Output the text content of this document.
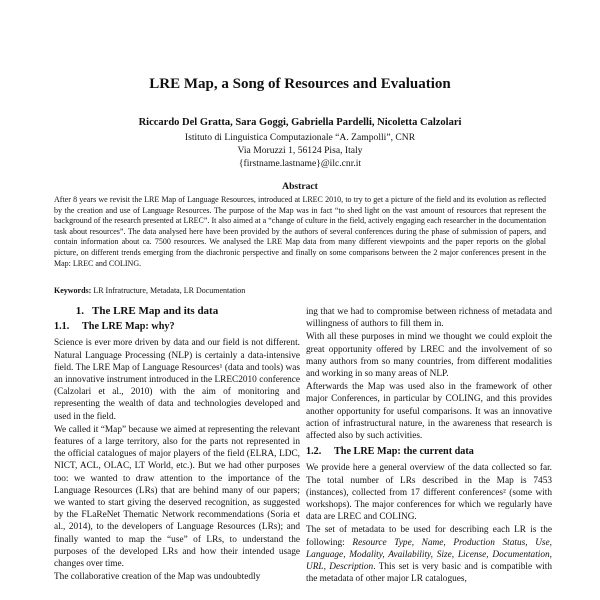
LRE Map, a Song of Resources and Evaluation
Riccardo Del Gratta, Sara Goggi, Gabriella Pardelli, Nicoletta Calzolari
Istituto di Linguistica Computazionale “A. Zampolli”, CNR
Via Moruzzi 1, 56124 Pisa, Italy
{firstname.lastname}@ilc.cnr.it
Abstract
After 8 years we revisit the LRE Map of Language Resources, introduced at LREC 2010, to try to get a picture of the field and its evolution as reflected by the creation and use of Language Resources. The purpose of the Map was in fact “to shed light on the vast amount of resources that represent the background of the research presented at LREC”. It also aimed at a “change of culture in the field, actively engaging each researcher in the documentation task about resources”. The data analysed here have been provided by the authors of several conferences during the phase of submission of papers, and contain information about ca. 7500 resources. We analysed the LRE Map data from many different viewpoints and the paper reports on the global picture, on different trends emerging from the diachronic perspective and finally on some comparisons between the 2 major conferences present in the Map: LREC and COLING.
Keywords: LR Infratructure, Metadata, LR Documentation
1. The LRE Map and its data
1.1. The LRE Map: why?

Science is ever more driven by data and our field is not different. Natural Language Processing (NLP) is certainly a data-intensive field. The LRE Map of Language Resources¹ (data and tools) was an innovative instrument introduced in the LREC2010 conference (Calzolari et al., 2010) with the aim of monitoring and representing the wealth of data and technologies developed and used in the field.

We called it “Map” because we aimed at representing the relevant features of a large territory, also for the parts not represented in the official catalogues of major players of the field (ELRA, LDC, NICT, ACL, OLAC, LT World, etc.). But we had other purposes too: we wanted to draw attention to the importance of the Language Resources (LRs) that are behind many of our papers; we wanted to start giving the deserved recognition, as suggested by the FLaReNet Thematic Network recommendations (Soria et al., 2014), to the developers of Language Resources (LRs); and finally wanted to map the “use” of LRs, to understand the purposes of the developed LRs and how their intended usage changes over time.

The collaborative creation of the Map was undoubtedly

ing that we had to compromise between richness of metadata and willingness of authors to fill them in.

With all these purposes in mind we thought we could exploit the great opportunity offered by LREC and the involvement of so many authors from so many countries, from different modalities and working in so many areas of NLP.

Afterwards the Map was used also in the framework of other major Conferences, in particular by COLING, and this provides another opportunity for useful comparisons. It was an innovative action of infrastructural nature, in the awareness that research is affected also by such activities.

1.2. The LRE Map: the current data

We provide here a general overview of the data collected so far. The total number of LRs described in the Map is 7453 (instances), collected from 17 different conferences² (some with workshops). The major conferences for which we regularly have data are LREC and COLING.

The set of metadata to be used for describing each LR is the following: Resource Type, Name, Production Status, Use, Language, Modality, Availability, Size, License, Documentation, URL, Description. This set is very basic and is compatible with the metadata of other major LR catalogues,
